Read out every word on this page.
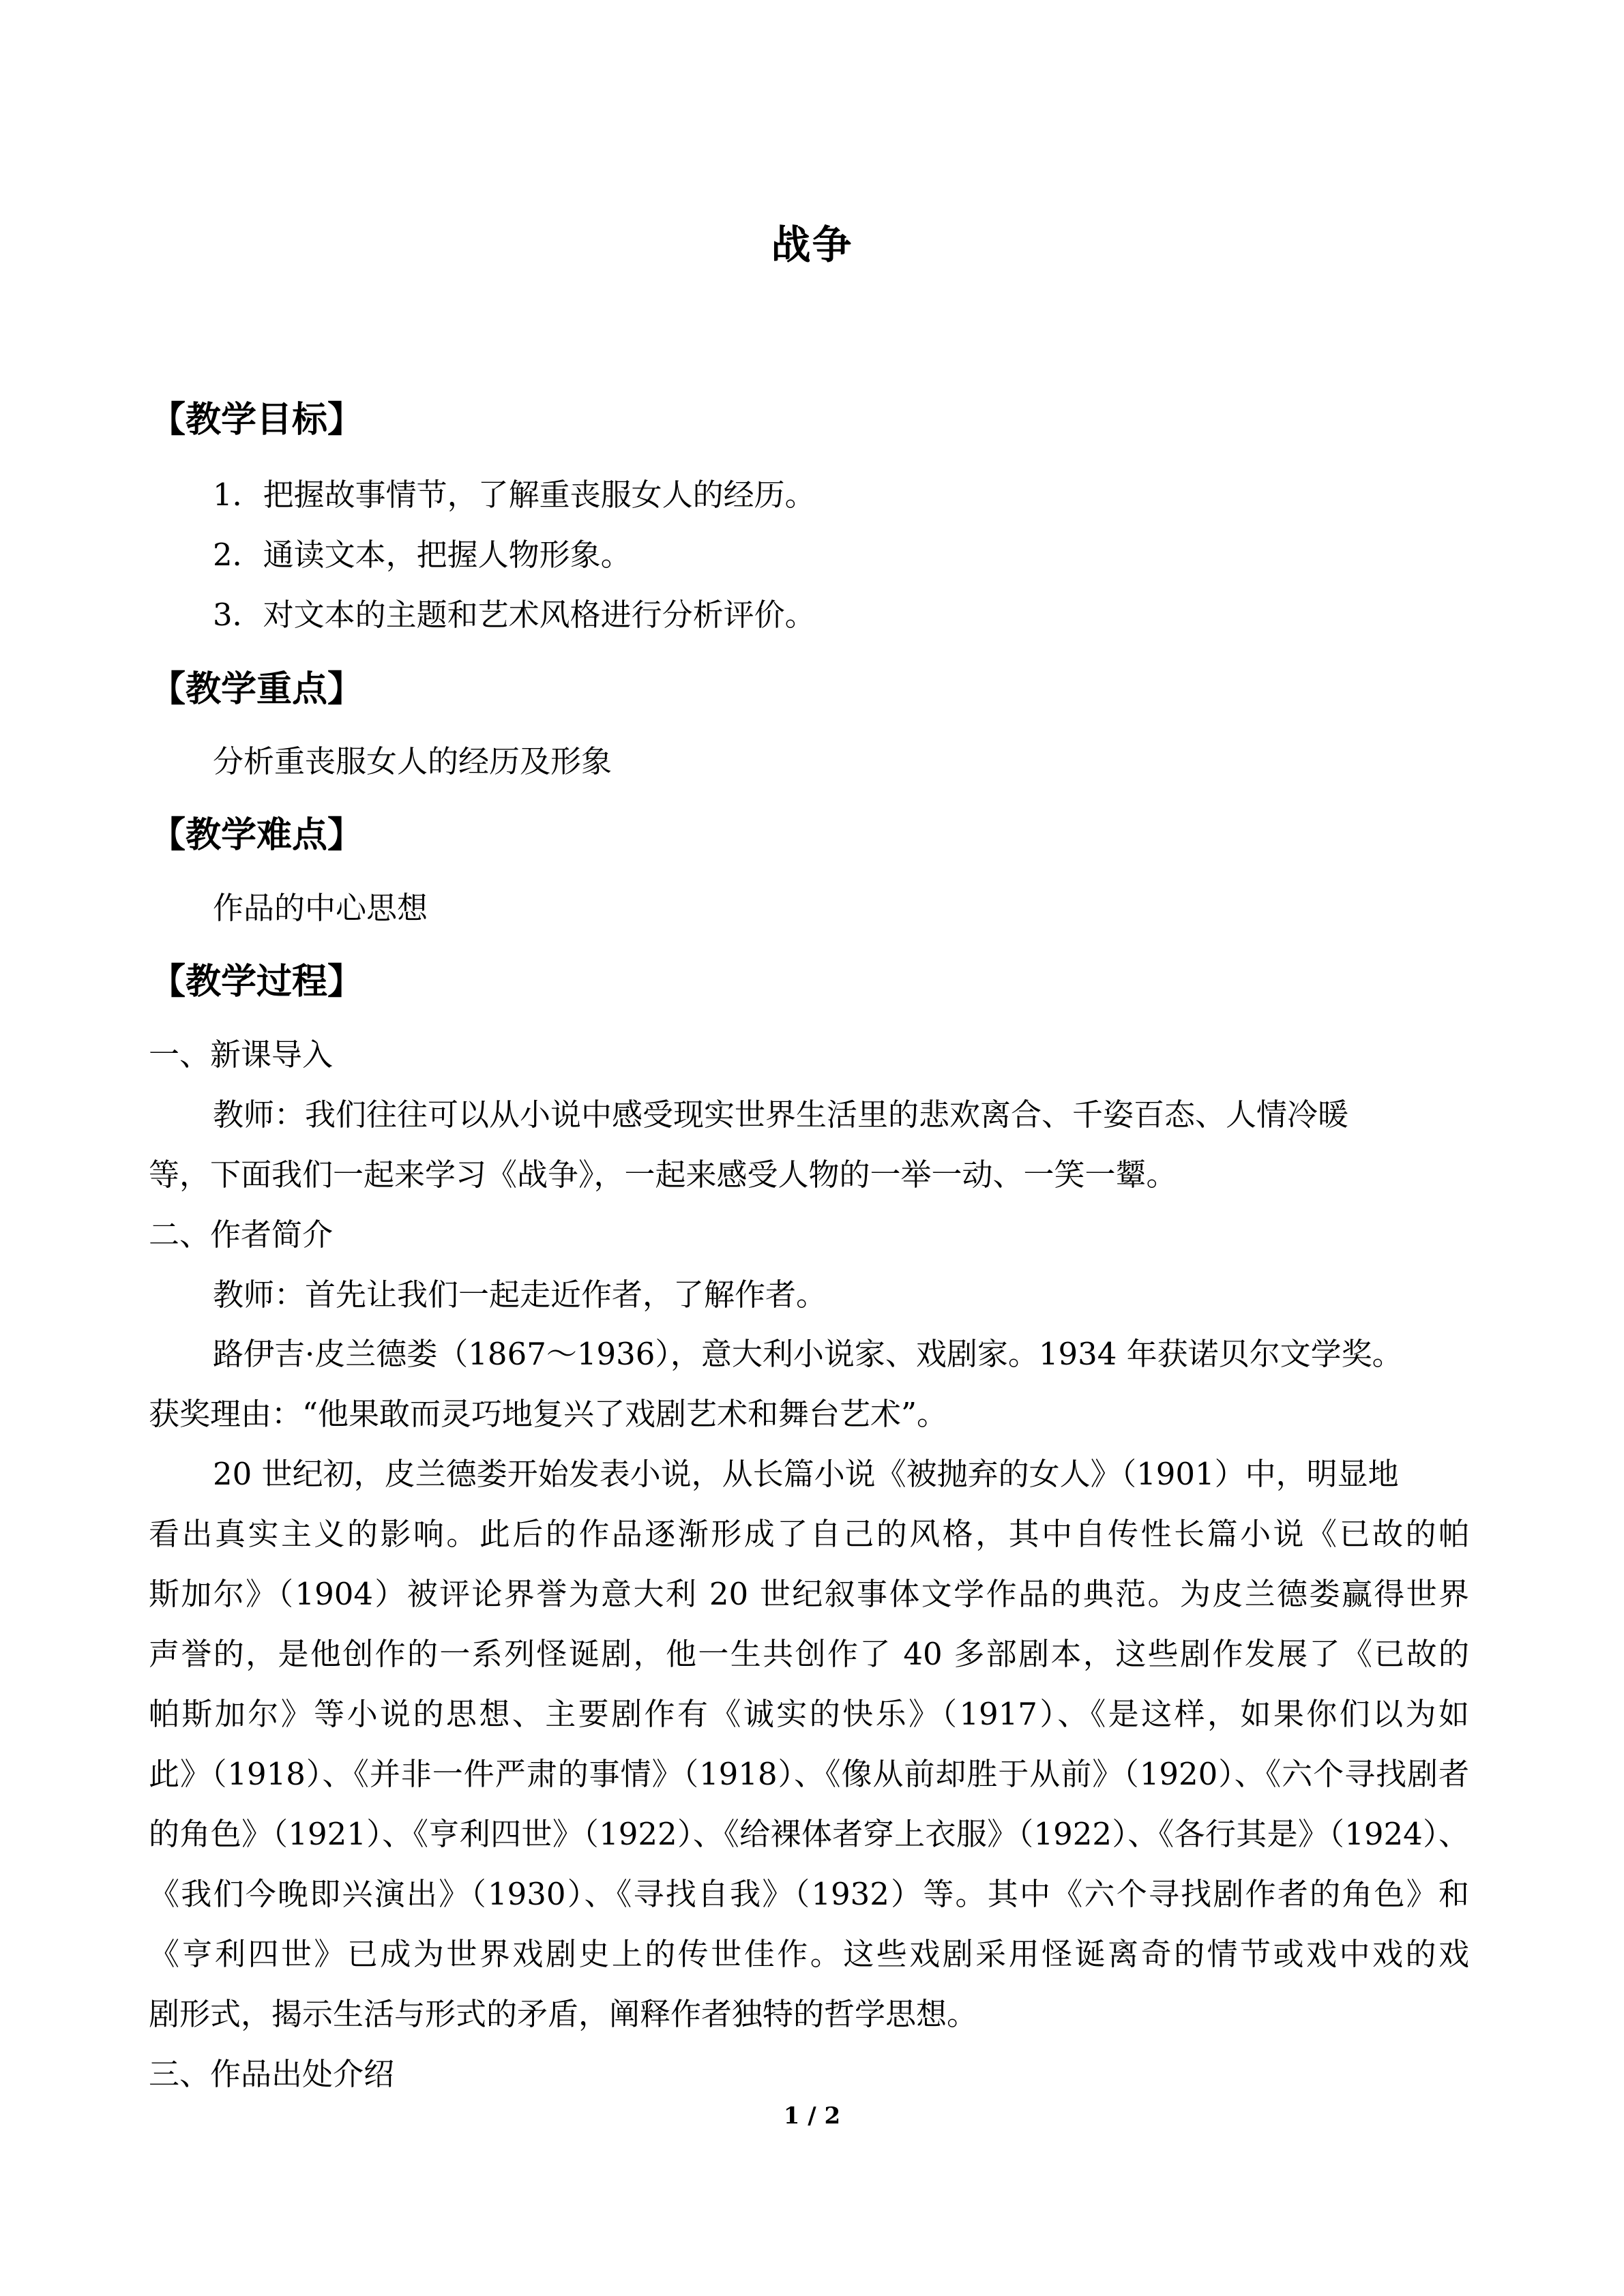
战争
【教学目标】
1．把握故事情节，了解重丧服女人的经历。
2．通读文本，把握人物形象。
3．对文本的主题和艺术风格进行分析评价。
【教学重点】
分析重丧服女人的经历及形象
【教学难点】
作品的中心思想
【教学过程】
一、新课导入
教师：我们往往可以从小说中感受现实世界生活里的悲欢离合、千姿百态、人情冷暖
等，下面我们一起来学习《战争》，一起来感受人物的一举一动、一笑一颦。
二、作者简介
教师：首先让我们一起走近作者，了解作者。
路伊吉·皮兰德娄（1867～1936），意大利小说家、戏剧家。1934 年获诺贝尔文学奖。
获奖理由：“他果敢而灵巧地复兴了戏剧艺术和舞台艺术”。
20 世纪初，皮兰德娄开始发表小说，从长篇小说《被抛弃的女人》（1901）中，明显地
看出真实主义的影响。此后的作品逐渐形成了自己的风格，其中自传性长篇小说《已故的帕
斯加尔》（1904）被评论界誉为意大利 20 世纪叙事体文学作品的典范。为皮兰德娄赢得世界
声誉的，是他创作的一系列怪诞剧，他一生共创作了 40 多部剧本，这些剧作发展了《已故的
帕斯加尔》等小说的思想、主要剧作有《诚实的快乐》（1917）、《是这样，如果你们以为如
此》（1918）、《并非一件严肃的事情》（1918）、《像从前却胜于从前》（1920）、《六个寻找剧者
的角色》（1921）、《亨利四世》（1922）、《给裸体者穿上衣服》（1922）、《各行其是》（1924）、
《我们今晚即兴演出》（1930）、《寻找自我》（1932）等。其中《六个寻找剧作者的角色》和
《亨利四世》已成为世界戏剧史上的传世佳作。这些戏剧采用怪诞离奇的情节或戏中戏的戏
剧形式，揭示生活与形式的矛盾，阐释作者独特的哲学思想。
三、作品出处介绍
1 / 2
